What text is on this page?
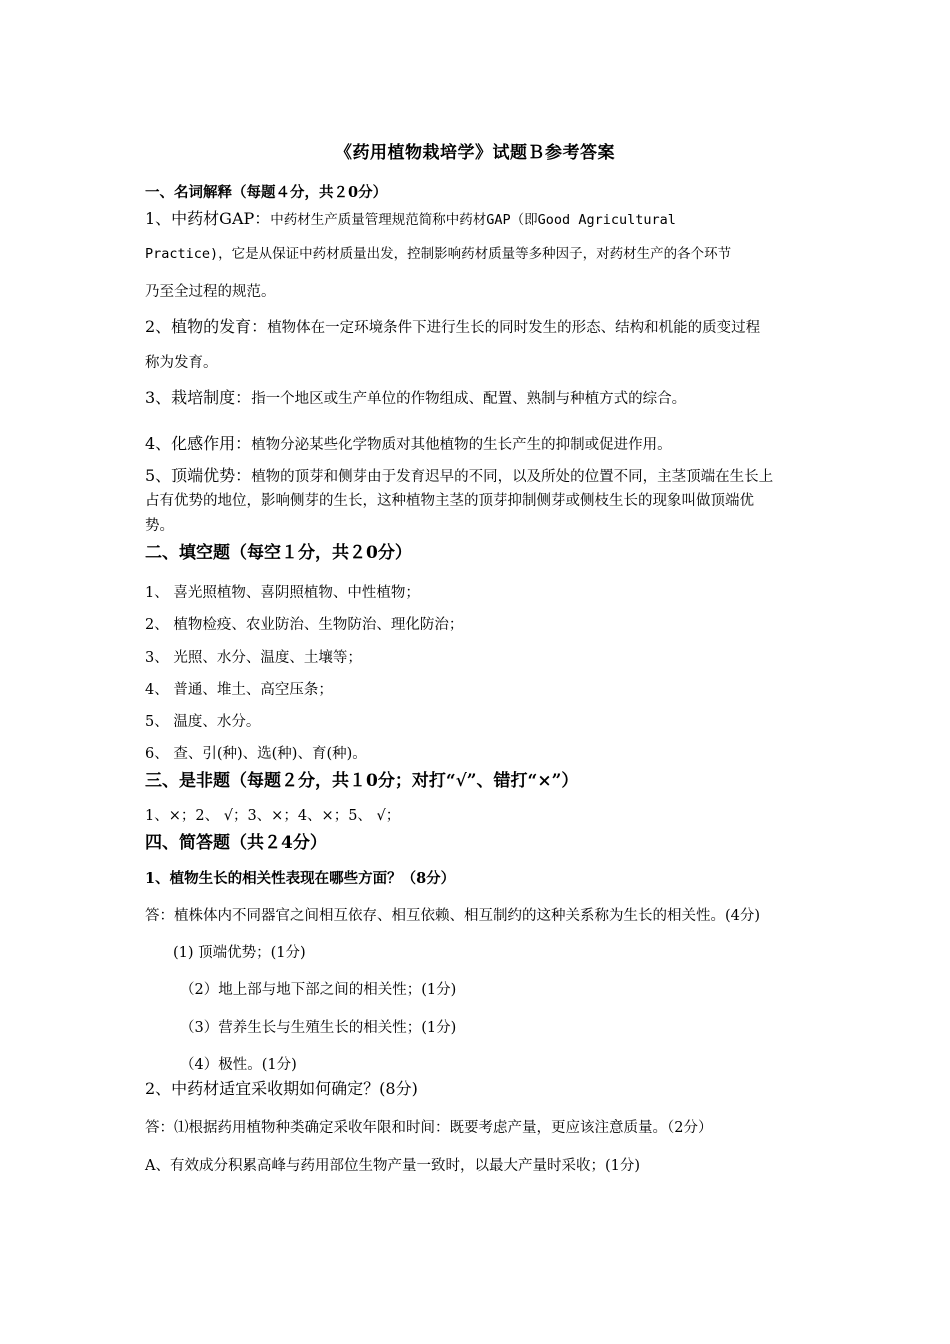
《药用植物栽培学》试题Ｂ参考答案
一、名词解释（每题４分，共２0分）
1、中药材GAP：中药材生产质量管理规范简称中药材GAP（即Good Agricultural
Practice)，它是从保证中药材质量出发，控制影响药材质量等多种因子，对药材生产的各个环节
乃至全过程的规范。
2、植物的发育：植物体在一定环境条件下进行生长的同时发生的形态、结构和机能的质变过程
称为发育。
3、栽培制度：指一个地区或生产单位的作物组成、配置、熟制与种植方式的综合。
4、化感作用：植物分泌某些化学物质对其他植物的生长产生的抑制或促进作用。
5、顶端优势：植物的顶芽和侧芽由于发育迟早的不同，以及所处的位置不同，主茎顶端在生长上
占有优势的地位，影响侧芽的生长，这种植物主茎的顶芽抑制侧芽或侧枝生长的现象叫做顶端优
势。
二、填空题（每空１分，共２0分）
1、 喜光照植物、喜阴照植物、中性植物；
2、 植物检疫、农业防治、生物防治、理化防治；
3、 光照、水分、温度、土壤等；
4、 普通、堆土、高空压条；
5、 温度、水分。
6、 查、引(种)、选(种)、育(种)。
三、是非题（每题２分，共１0分；对打“√”、错打“×”）
1、×；2、 √；3、×；4、×；5、 √；
四、简答题（共２4分）
1、植物生长的相关性表现在哪些方面？（8分）
答：植株体内不同器官之间相互依存、相互依赖、相互制约的这种关系称为生长的相关性。(4分)
(1) 顶端优势；(1分)
（2）地上部与地下部之间的相关性；(1分)
（3）营养生长与生殖生长的相关性；(1分)
（4）极性。(1分)
2、中药材适宜采收期如何确定？(8分)
答：⑴根据药用植物种类确定采收年限和时间：既要考虑产量，更应该注意质量。（2分）
A、有效成分积累高峰与药用部位生物产量一致时，以最大产量时采收；(1分)
